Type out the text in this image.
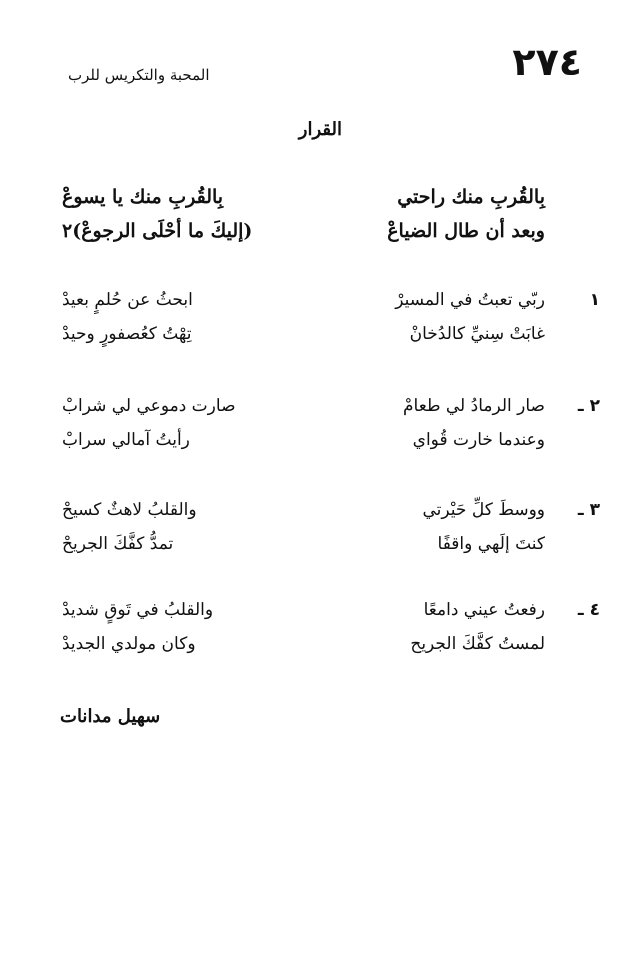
٢٧٤
المحبة والتكريس للرب
القرار
بِالقُربِ منك راحتي
بِالقُربِ منك يا يسوعْ
وبعد أن طال الضياعْ
(إليكَ ما أحْلَى الرجوعْ)٢
١
ربّي تعبتُ في المسيرْ
ابحثُ عن حُلمٍ بعيدْ
غابَتْ سِنيِّ كالدُخانْ
تِهْتُ كعُصفورٍ وحيدْ
٢ ـ
صار الرمادُ لي طعامْ
صارت دموعي لي شرابْ
وعندما خارت قُواي
رأيتُ آمالي سرابْ
٣ ـ
ووسطَ كلِّ حَيْرتي
والقلبُ لاهثٌ كسيحْ
كنتَ إلَهي واقفًا
تمدُّ كفَّكَ الجريحْ
٤ ـ
رفعتُ عيني دامعًا
والقلبُ في تَوقٍ شديدْ
لمستُ كفَّكَ الجريح
وكان مولدي الجديدْ
سهيل مدانات
